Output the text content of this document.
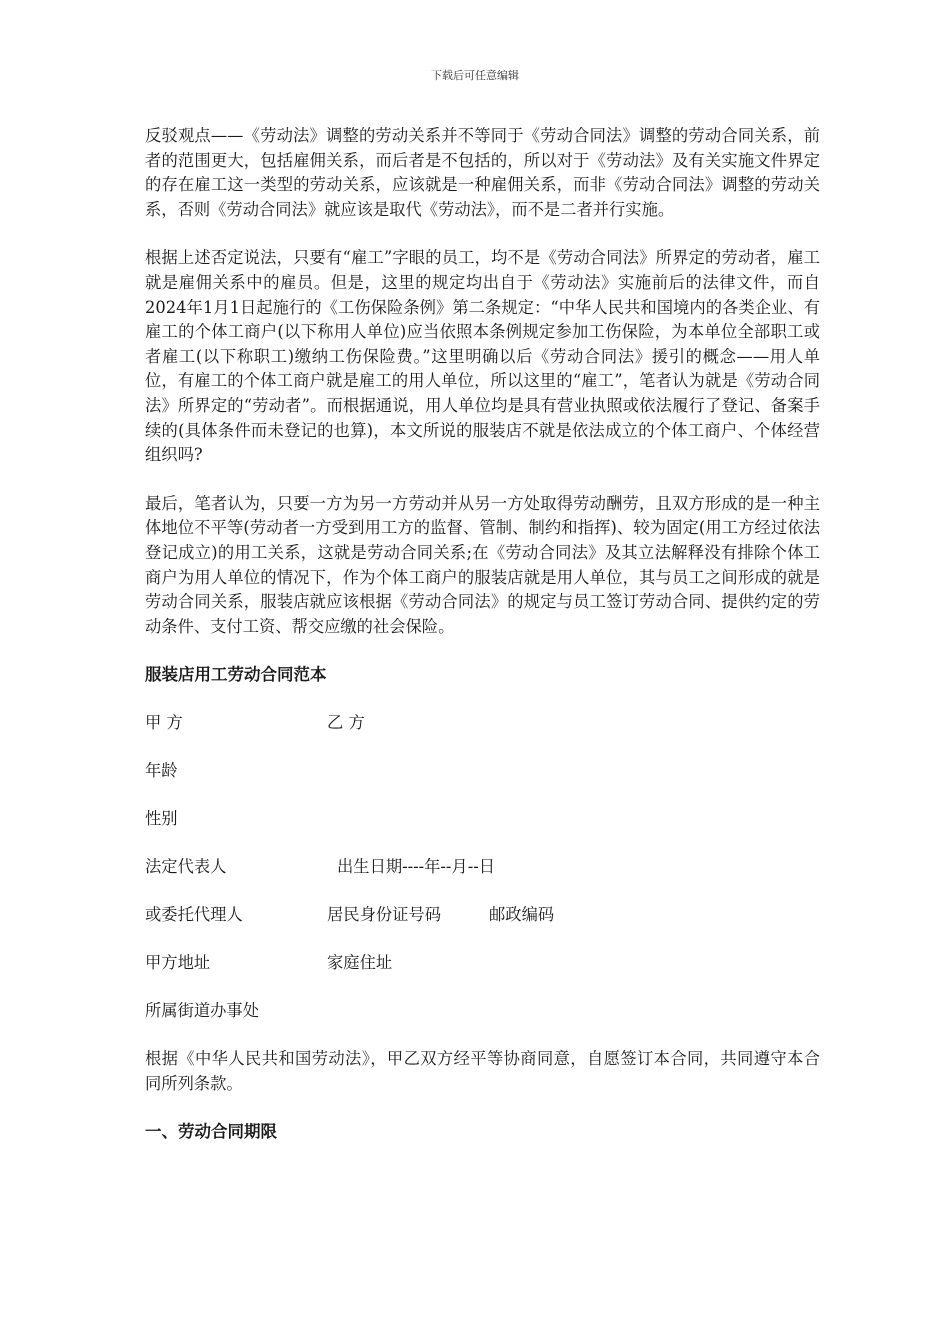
下载后可任意编辑

反驳观点——《劳动法》调整的劳动关系并不等同于《劳动合同法》调整的劳动合同关系，前者的范围更大，包括雇佣关系，而后者是不包括的，所以对于《劳动法》及有关实施文件界定的存在雇工这一类型的劳动关系，应该就是一种雇佣关系，而非《劳动合同法》调整的劳动关系，否则《劳动合同法》就应该是取代《劳动法》，而不是二者并行实施。

根据上述否定说法，只要有“雇工”字眼的员工，均不是《劳动合同法》所界定的劳动者，雇工就是雇佣关系中的雇员。但是，这里的规定均出自于《劳动法》实施前后的法律文件，而自2024年1月1日起施行的《工伤保险条例》第二条规定：“中华人民共和国境内的各类企业、有雇工的个体工商户(以下称用人单位)应当依照本条例规定参加工伤保险，为本单位全部职工或者雇工(以下称职工)缴纳工伤保险费。”这里明确以后《劳动合同法》援引的概念——用人单位，有雇工的个体工商户就是雇工的用人单位，所以这里的“雇工”，笔者认为就是《劳动合同法》所界定的“劳动者”。而根据通说，用人单位均是具有营业执照或依法履行了登记、备案手续的(具体条件而未登记的也算)，本文所说的服装店不就是依法成立的个体工商户、个体经营组织吗?

最后，笔者认为，只要一方为另一方劳动并从另一方处取得劳动酬劳，且双方形成的是一种主体地位不平等(劳动者一方受到用工方的监督、管制、制约和指挥)、较为固定(用工方经过依法登记成立)的用工关系，这就是劳动合同关系;在《劳动合同法》及其立法解释没有排除个体工商户为用人单位的情况下，作为个体工商户的服装店就是用人单位，其与员工之间形成的就是劳动合同关系，服装店就应该根据《劳动合同法》的规定与员工签订劳动合同、提供约定的劳动条件、支付工资、帮交应缴的社会保险。

服装店用工劳动合同范本

甲 方	乙 方
年龄
性别
法定代表人	出生日期----年--月--日
或委托代理人	居民身份证号码	邮政编码
甲方地址	家庭住址
所属街道办事处

根据《中华人民共和国劳动法》，甲乙双方经平等协商同意，自愿签订本合同，共同遵守本合同所列条款。

一、劳动合同期限
